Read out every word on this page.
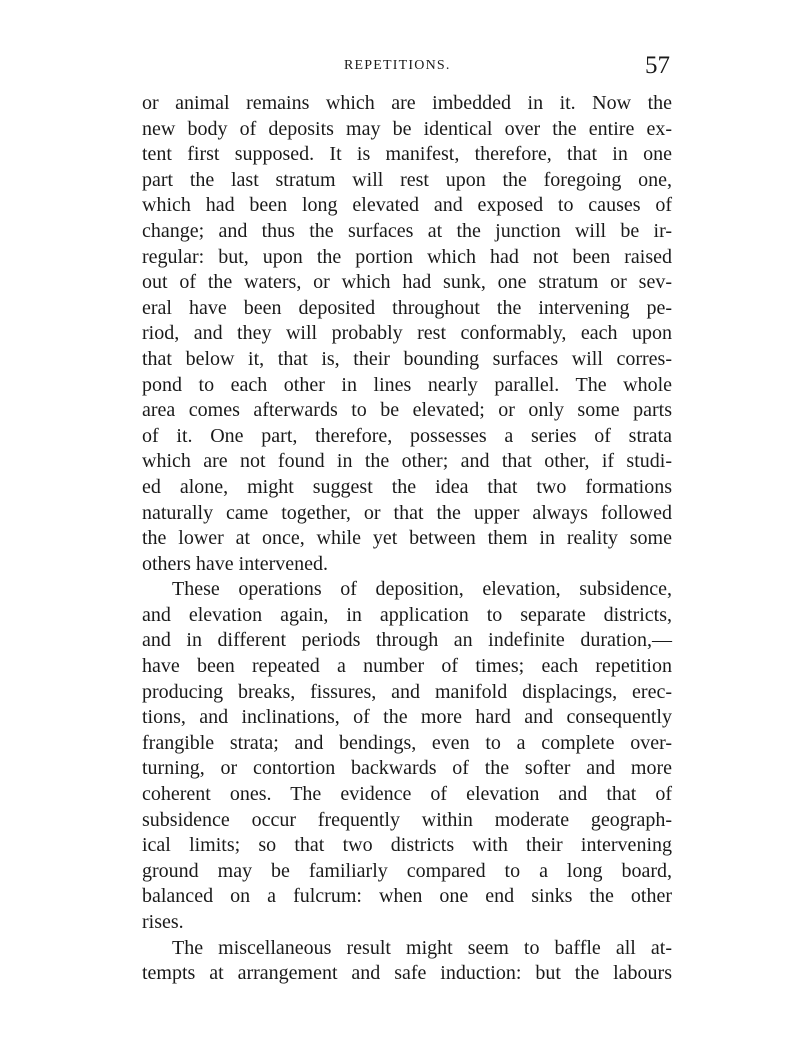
REPETITIONS.	57
or animal remains which are imbedded in it. Now the
new body of deposits may be identical over the entire ex-
tent first supposed. It is manifest, therefore, that in one
part the last stratum will rest upon the foregoing one,
which had been long elevated and exposed to causes of
change; and thus the surfaces at the junction will be ir-
regular: but, upon the portion which had not been raised
out of the waters, or which had sunk, one stratum or sev-
eral have been deposited throughout the intervening pe-
riod, and they will probably rest conformably, each upon
that below it, that is, their bounding surfaces will corres-
pond to each other in lines nearly parallel. The whole
area comes afterwards to be elevated; or only some parts
of it. One part, therefore, possesses a series of strata
which are not found in the other; and that other, if studi-
ed alone, might suggest the idea that two formations
naturally came together, or that the upper always followed
the lower at once, while yet between them in reality some
others have intervened.
These operations of deposition, elevation, subsidence,
and elevation again, in application to separate districts,
and in different periods through an indefinite duration,—
have been repeated a number of times; each repetition
producing breaks, fissures, and manifold displacings, erec-
tions, and inclinations, of the more hard and consequently
frangible strata; and bendings, even to a complete over-
turning, or contortion backwards of the softer and more
coherent ones. The evidence of elevation and that of
subsidence occur frequently within moderate geograph-
ical limits; so that two districts with their intervening
ground may be familiarly compared to a long board,
balanced on a fulcrum: when one end sinks the other
rises.
The miscellaneous result might seem to baffle all at-
tempts at arrangement and safe induction: but the labours
